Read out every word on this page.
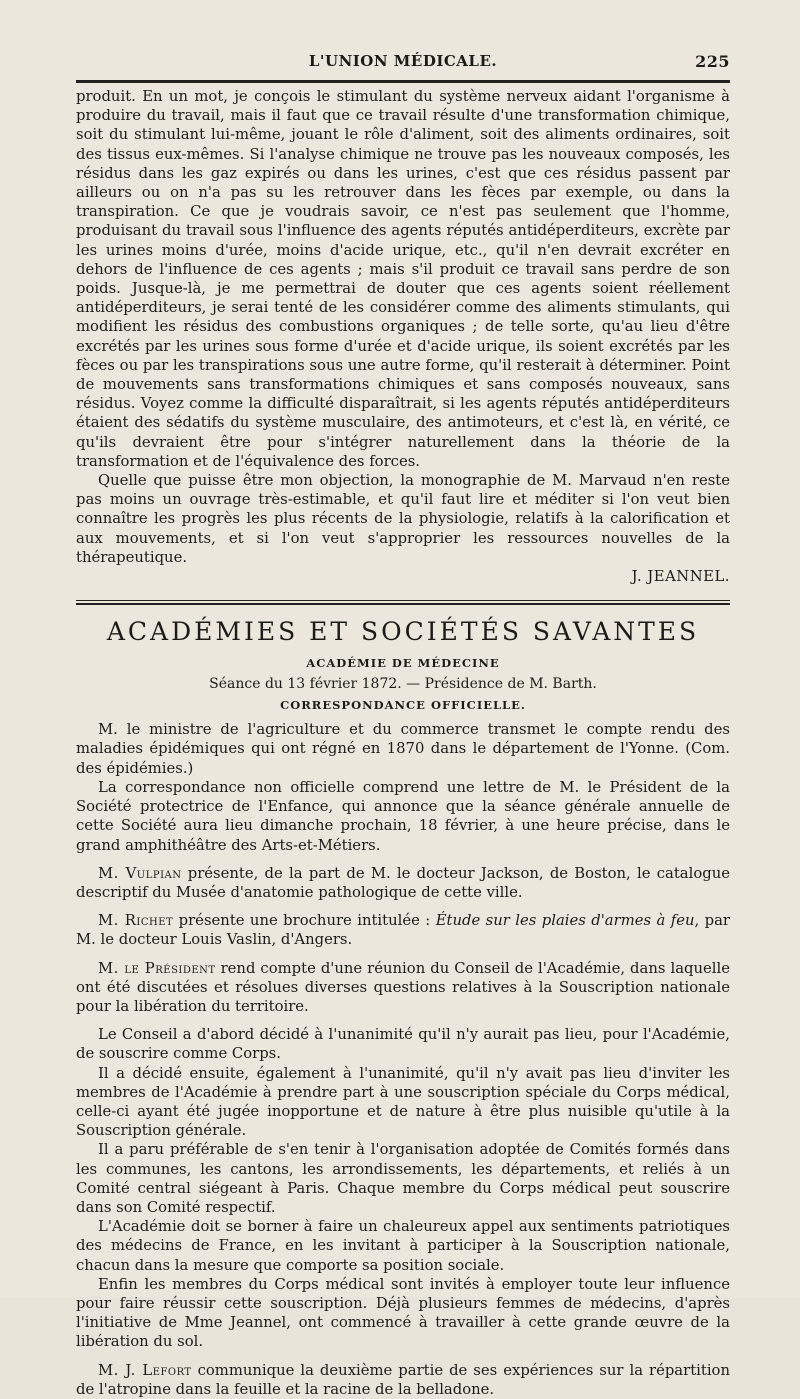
L'UNION MÉDICALE.	225

produit. En un mot, je conçois le stimulant du système nerveux aidant l'organisme à produire du travail, mais il faut que ce travail résulte d'une transformation chimique, soit du stimulant lui-même, jouant le rôle d'aliment, soit des aliments ordinaires, soit des tissus eux-mêmes. Si l'analyse chimique ne trouve pas les nouveaux composés, les résidus dans les gaz expirés ou dans les urines, c'est que ces résidus passent par ailleurs ou on n'a pas su les retrouver dans les fèces par exemple, ou dans la transpiration. Ce que je voudrais savoir, ce n'est pas seulement que l'homme, produisant du travail sous l'influence des agents réputés antidéperditeurs, excrète par les urines moins d'urée, moins d'acide urique, etc., qu'il n'en devrait excréter en dehors de l'influence de ces agents ; mais s'il produit ce travail sans perdre de son poids. Jusque-là, je me permettrai de douter que ces agents soient réellement antidéperditeurs, je serai tenté de les considérer comme des aliments stimulants, qui modifient les résidus des combustions organiques ; de telle sorte, qu'au lieu d'être excrétés par les urines sous forme d'urée et d'acide urique, ils soient excrétés par les fèces ou par les transpirations sous une autre forme, qu'il resterait à déterminer. Point de mouvements sans transformations chimiques et sans composés nouveaux, sans résidus. Voyez comme la difficulté disparaîtrait, si les agents réputés antidéperditeurs étaient des sédatifs du système musculaire, des antimoteurs, et c'est là, en vérité, ce qu'ils devraient être pour s'intégrer naturellement dans la théorie de la transformation et de l'équivalence des forces.

Quelle que puisse être mon objection, la monographie de M. Marvaud n'en reste pas moins un ouvrage très-estimable, et qu'il faut lire et méditer si l'on veut bien connaître les progrès les plus récents de la physiologie, relatifs à la calorification et aux mouvements, et si l'on veut s'approprier les ressources nouvelles de la thérapeutique.

J. JEANNEL.
ACADÉMIES ET SOCIÉTÉS SAVANTES
ACADÉMIE DE MÉDECINE
Séance du 13 février 1872. — Présidence de M. Barth.
CORRESPONDANCE OFFICIELLE.

M. le ministre de l'agriculture et du commerce transmet le compte rendu des maladies épidémiques qui ont régné en 1870 dans le département de l'Yonne. (Com. des épidémies.)

La correspondance non officielle comprend une lettre de M. le Président de la Société protectrice de l'Enfance, qui annonce que la séance générale annuelle de cette Société aura lieu dimanche prochain, 18 février, à une heure précise, dans le grand amphithéâtre des Arts-et-Métiers.

M. Vulpian présente, de la part de M. le docteur Jackson, de Boston, le catalogue descriptif du Musée d'anatomie pathologique de cette ville.

M. Richet présente une brochure intitulée : Étude sur les plaies d'armes à feu, par M. le docteur Louis Vaslin, d'Angers.

M. le Président rend compte d'une réunion du Conseil de l'Académie, dans laquelle ont été discutées et résolues diverses questions relatives à la Souscription nationale pour la libération du territoire.

Le Conseil a d'abord décidé à l'unanimité qu'il n'y aurait pas lieu, pour l'Académie, de souscrire comme Corps.

Il a décidé ensuite, également à l'unanimité, qu'il n'y avait pas lieu d'inviter les membres de l'Académie à prendre part à une souscription spéciale du Corps médical, celle-ci ayant été jugée inopportune et de nature à être plus nuisible qu'utile à la Souscription générale.

Il a paru préférable de s'en tenir à l'organisation adoptée de Comités formés dans les communes, les cantons, les arrondissements, les départements, et reliés à un Comité central siégeant à Paris. Chaque membre du Corps médical peut souscrire dans son Comité respectif.

L'Académie doit se borner à faire un chaleureux appel aux sentiments patriotiques des médecins de France, en les invitant à participer à la Souscription nationale, chacun dans la mesure que comporte sa position sociale.

Enfin les membres du Corps médical sont invités à employer toute leur influence pour faire réussir cette souscription. Déjà plusieurs femmes de médecins, d'après l'initiative de Mme Jeannel, ont commencé à travailler à cette grande œuvre de la libération du sol.

M. J. Lefort communique la deuxième partie de ses expériences sur la répartition de l'atropine dans la feuille et la racine de la belladone.
